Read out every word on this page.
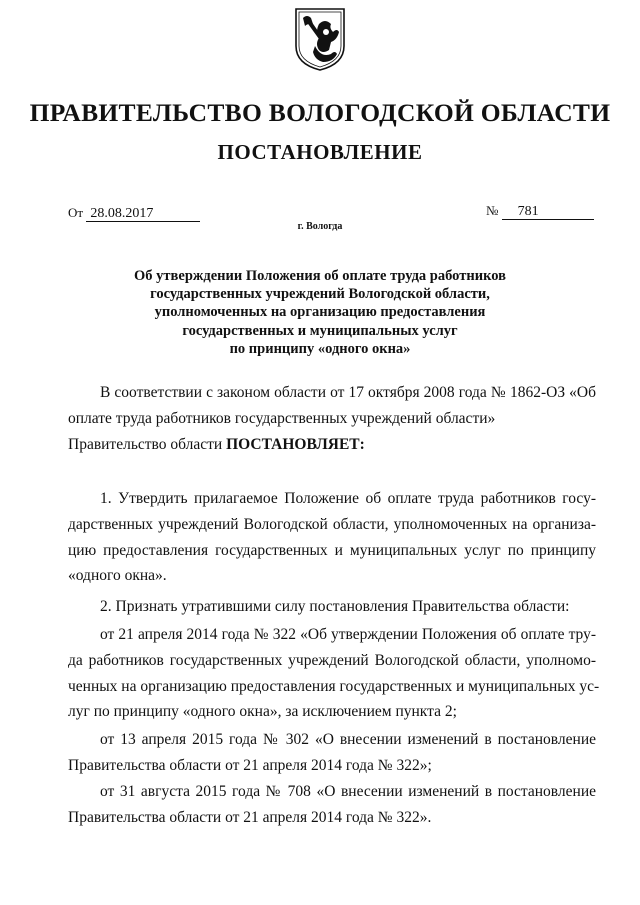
ПРАВИТЕЛЬСТВО ВОЛОГОДСКОЙ ОБЛАСТИ
ПОСТАНОВЛЕНИЕ
От 28.08.2017	№ 781
г. Вологда
Об утверждении Положения об оплате труда работников
государственных учреждений Вологодской области,
уполномоченных на организацию предоставления
государственных и муниципальных услуг
по принципу «одного окна»
В соответствии с законом области от 17 октября 2008 года № 1862-ОЗ «Об
оплате труда работников государственных учреждений области»
Правительство области ПОСТАНОВЛЯЕТ:
1. Утвердить прилагаемое Положение об оплате труда работников госу-
дарственных учреждений Вологодской области, уполномоченных на организа-
цию предоставления государственных и муниципальных услуг по принципу
«одного окна».
2. Признать утратившими силу постановления Правительства области:
от 21 апреля 2014 года № 322 «Об утверждении Положения об оплате тру-
да работников государственных учреждений Вологодской области, уполномо-
ченных на организацию предоставления государственных и муниципальных ус-
луг по принципу «одного окна», за исключением пункта 2;
от 13 апреля 2015 года № 302 «О внесении изменений в постановление
Правительства области от 21 апреля 2014 года № 322»;
от 31 августа 2015 года № 708 «О внесении изменений в постановление
Правительства области от 21 апреля 2014 года № 322».
